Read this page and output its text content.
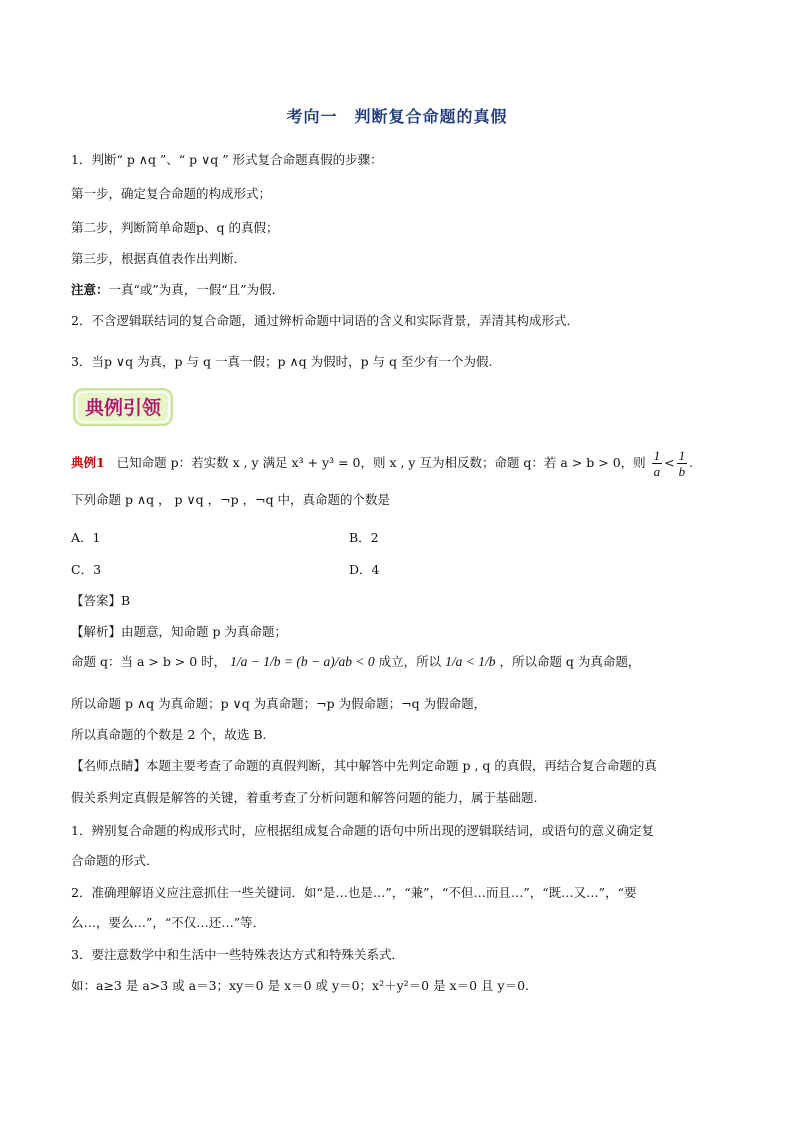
考向一　判断复合命题的真假
1．判断“ p ∧q ”、“ p ∨q ” 形式复合命题真假的步骤：
第一步，确定复合命题的构成形式；
第二步，判断简单命题p、q 的真假；
第三步，根据真值表作出判断．
注意：一真“或”为真，一假“且”为假．
2．不含逻辑联结词的复合命题，通过辨析命题中词语的含义和实际背景，弄清其构成形式．
3．当p ∨q 为真，p 与 q 一真一假；p ∧q 为假时，p 与 q 至少有一个为假.
典例引领
典例1 已知命题 p：若实数 x , y 满足 x³ + y³ = 0，则 x , y 互为相反数；命题 q：若 a > b > 0，则 $\frac{1}{a} < \frac{1}{b}$ .
下列命题 p ∧q ， p ∨q ，¬p ，¬q 中，真命题的个数是
A．1	B．2
C．3	D．4
【答案】B
【解析】由题意，知命题 p 为真命题；
命题 q：当 a > b > 0 时， 1/a − 1/b = (b − a)/ab < 0 成立，所以 1/a < 1/b ，所以命题 q 为真命题，
所以命题 p ∧q 为真命题；p ∨q 为真命题；¬p 为假命题；¬q 为假命题，
所以真命题的个数是 2 个，故选 B.
【名师点睛】本题主要考查了命题的真假判断，其中解答中先判定命题 p , q 的真假，再结合复合命题的真
假关系判定真假是解答的关键，着重考查了分析问题和解答问题的能力，属于基础题.
1．辨别复合命题的构成形式时，应根据组成复合命题的语句中所出现的逻辑联结词，或语句的意义确定复
合命题的形式．
2．准确理解语义应注意抓住一些关键词．如“是…也是…”，“兼”，“不但…而且…”，“既…又…”，“要
么…，要么…”，“不仅…还…”等．
3．要注意数学中和生活中一些特殊表达方式和特殊关系式．
如：a≥3 是 a>3 或 a＝3；xy＝0 是 x＝0 或 y＝0；x²＋y²＝0 是 x＝0 且 y＝0.
